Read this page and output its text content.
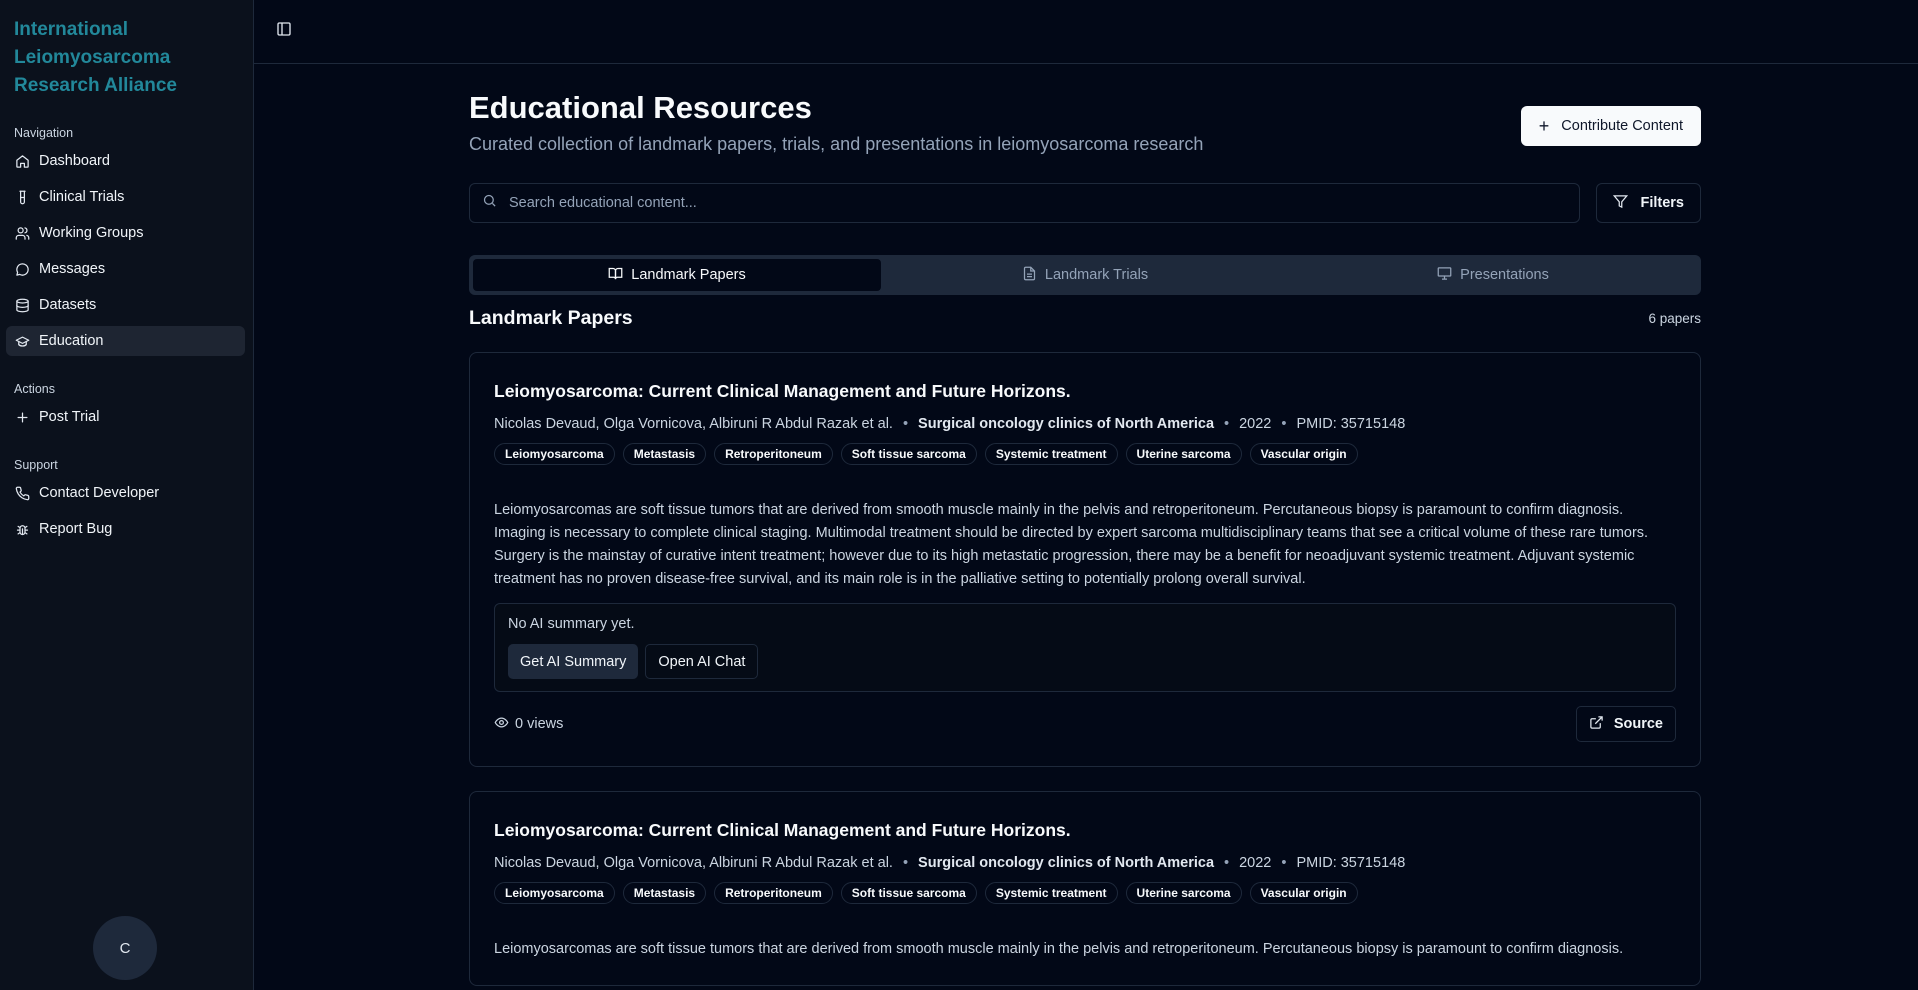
International Leiomyosarcoma Research Alliance
Navigation
Dashboard
Clinical Trials
Working Groups
Messages
Datasets
Education
Actions
Post Trial
Support
Contact Developer
Report Bug
C
Educational Resources
Curated collection of landmark papers, trials, and presentations in leiomyosarcoma research
+ Contribute Content
Search educational content...
Filters
Landmark Papers	Landmark Trials	Presentations
Landmark Papers	6 papers
Leiomyosarcoma: Current Clinical Management and Future Horizons.
Nicolas Devaud, Olga Vornicova, Albiruni R Abdul Razak et al. • Surgical oncology clinics of North America • 2022 • PMID: 35715148
Leiomyosarcoma	Metastasis	Retroperitoneum	Soft tissue sarcoma	Systemic treatment	Uterine sarcoma	Vascular origin
Leiomyosarcomas are soft tissue tumors that are derived from smooth muscle mainly in the pelvis and retroperitoneum. Percutaneous biopsy is paramount to confirm diagnosis. Imaging is necessary to complete clinical staging. Multimodal treatment should be directed by expert sarcoma multidisciplinary teams that see a critical volume of these rare tumors. Surgery is the mainstay of curative intent treatment; however due to its high metastatic progression, there may be a benefit for neoadjuvant systemic treatment. Adjuvant systemic treatment has no proven disease-free survival, and its main role is in the palliative setting to potentially prolong overall survival.
No AI summary yet.
Get AI Summary	Open AI Chat
0 views	Source
Leiomyosarcoma: Current Clinical Management and Future Horizons.
Nicolas Devaud, Olga Vornicova, Albiruni R Abdul Razak et al. • Surgical oncology clinics of North America • 2022 • PMID: 35715148
Leiomyosarcoma	Metastasis	Retroperitoneum	Soft tissue sarcoma	Systemic treatment	Uterine sarcoma	Vascular origin
Leiomyosarcomas are soft tissue tumors that are derived from smooth muscle mainly in the pelvis and retroperitoneum. Percutaneous biopsy is paramount to confirm diagnosis.
